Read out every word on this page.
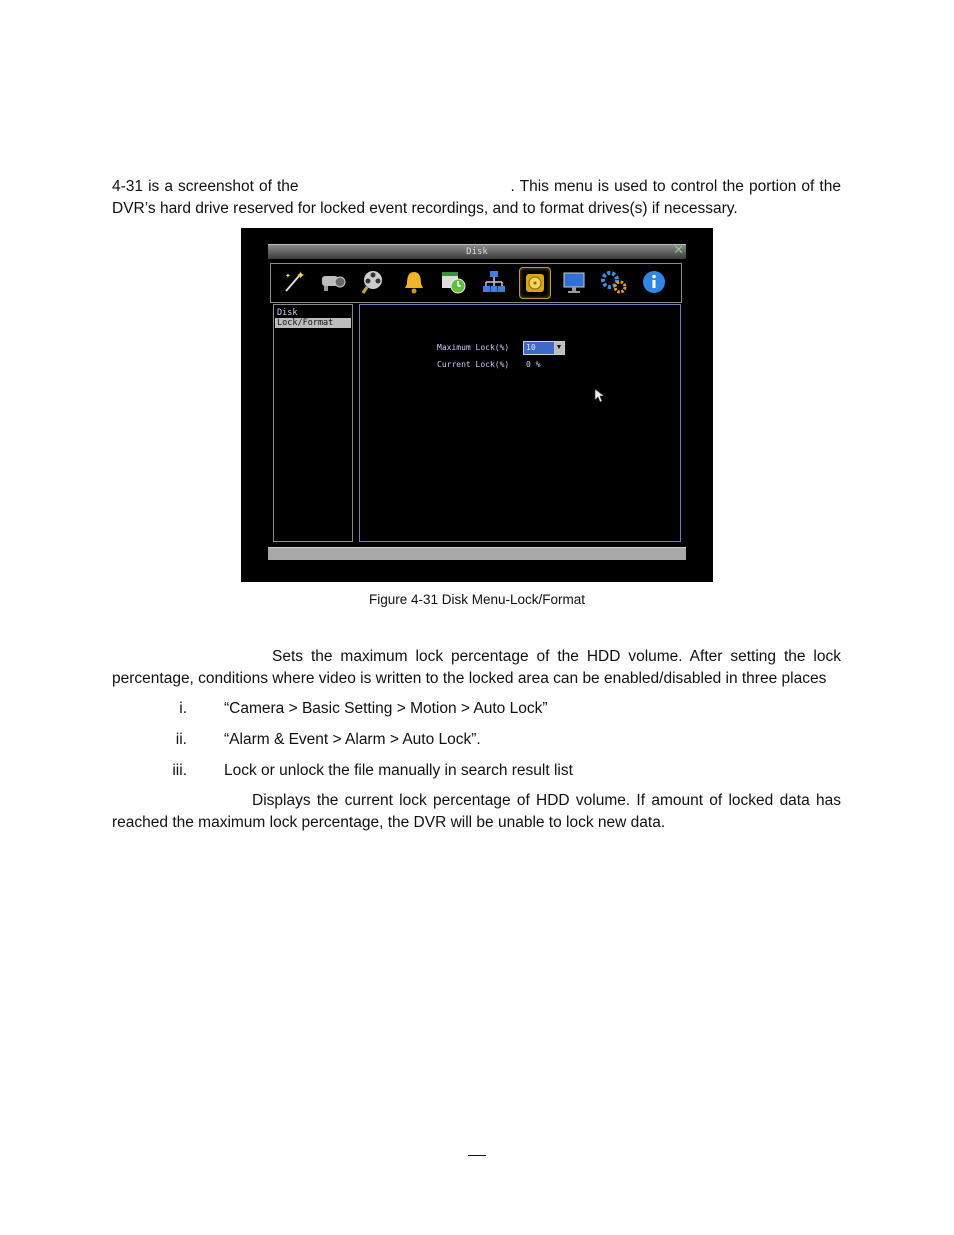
4-31 is a screenshot of the	. This menu is used to control the portion of the DVR’s hard drive reserved for locked event recordings, and to format drives(s) if necessary.

Disk	✕
✦
✦
Disk
Lock/Format
Maximum Lock(%) 10	▼
Current Lock(%) 0 %
Figure 4-31 Disk Menu-Lock/Format

Sets the maximum lock percentage of the HDD volume. After setting the lock percentage, conditions where video is written to the locked area can be enabled/disabled in three places

i. “Camera > Basic Setting > Motion > Auto Lock”
ii. “Alarm & Event > Alarm > Auto Lock”.
iii. Lock or unlock the file manually in search result list

Displays the current lock percentage of HDD volume. If amount of locked data has reached the maximum lock percentage, the DVR will be unable to lock new data.
